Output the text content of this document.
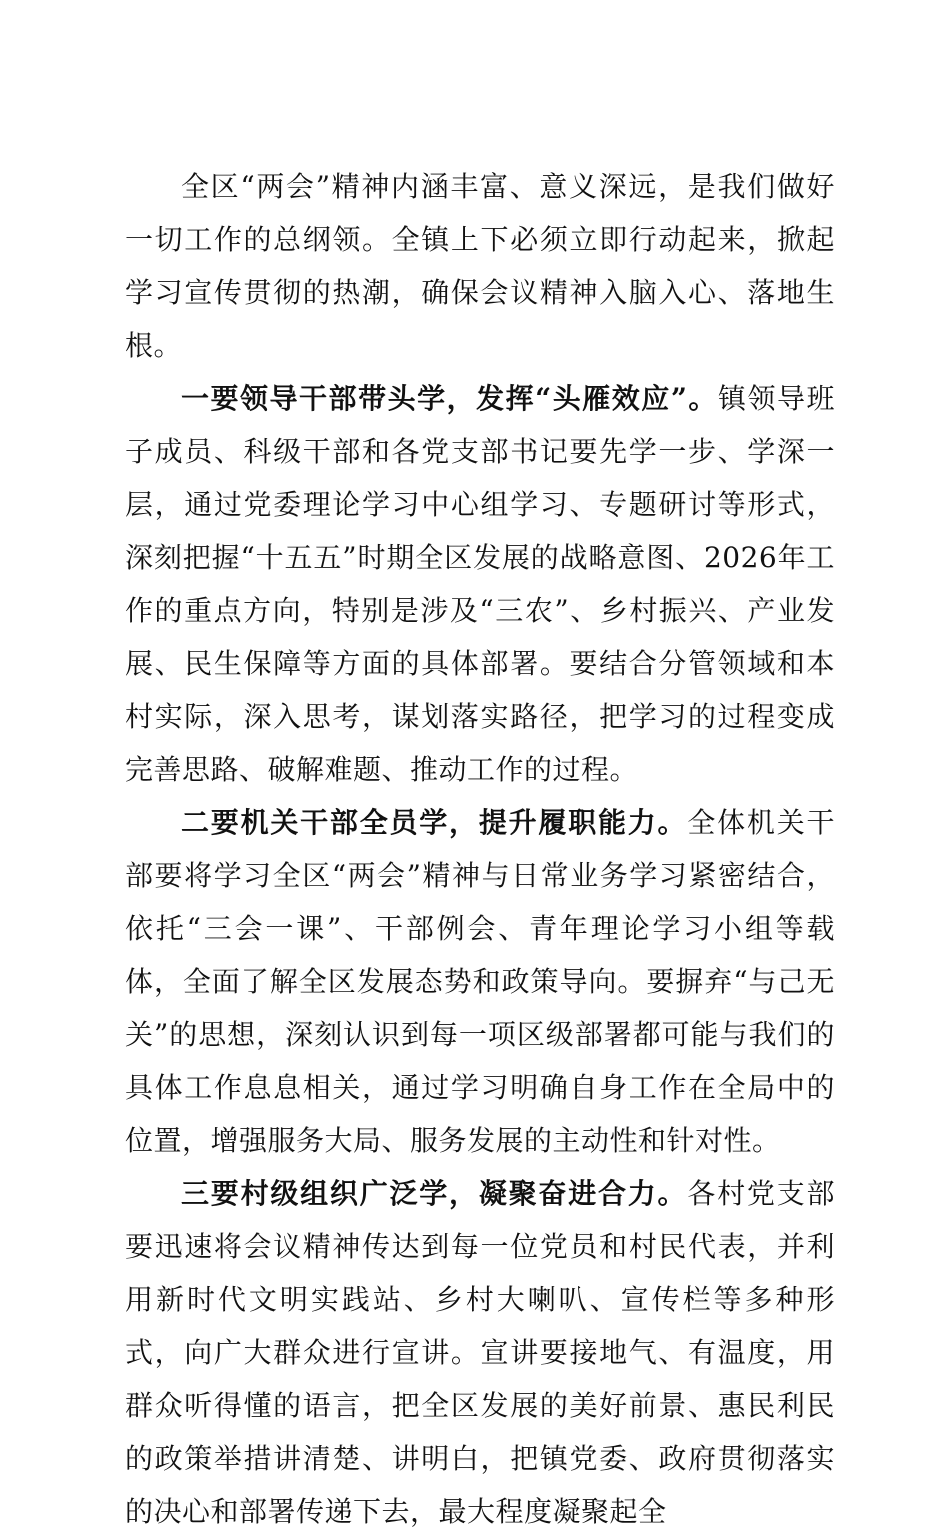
全区“两会”精神内涵丰富、意义深远，是我们做好一切工作的总纲领。全镇上下必须立即行动起来，掀起学习宣传贯彻的热潮，确保会议精神入脑入心、落地生根。

一要领导干部带头学，发挥“头雁效应”。镇领导班子成员、科级干部和各党支部书记要先学一步、学深一层，通过党委理论学习中心组学习、专题研讨等形式，深刻把握“十五五”时期全区发展的战略意图、2026年工作的重点方向，特别是涉及“三农”、乡村振兴、产业发展、民生保障等方面的具体部署。要结合分管领域和本村实际，深入思考，谋划落实路径，把学习的过程变成完善思路、破解难题、推动工作的过程。

二要机关干部全员学，提升履职能力。全体机关干部要将学习全区“两会”精神与日常业务学习紧密结合，依托“三会一课”、干部例会、青年理论学习小组等载体，全面了解全区发展态势和政策导向。要摒弃“与己无关”的思想，深刻认识到每一项区级部署都可能与我们的具体工作息息相关，通过学习明确自身工作在全局中的位置，增强服务大局、服务发展的主动性和针对性。

三要村级组织广泛学，凝聚奋进合力。各村党支部要迅速将会议精神传达到每一位党员和村民代表，并利用新时代文明实践站、乡村大喇叭、宣传栏等多种形式，向广大群众进行宣讲。宣讲要接地气、有温度，用群众听得懂的语言，把全区发展的美好前景、惠民利民的政策举措讲清楚、讲明白，把镇党委、政府贯彻落实的决心和部署传递下去，最大程度凝聚起全
